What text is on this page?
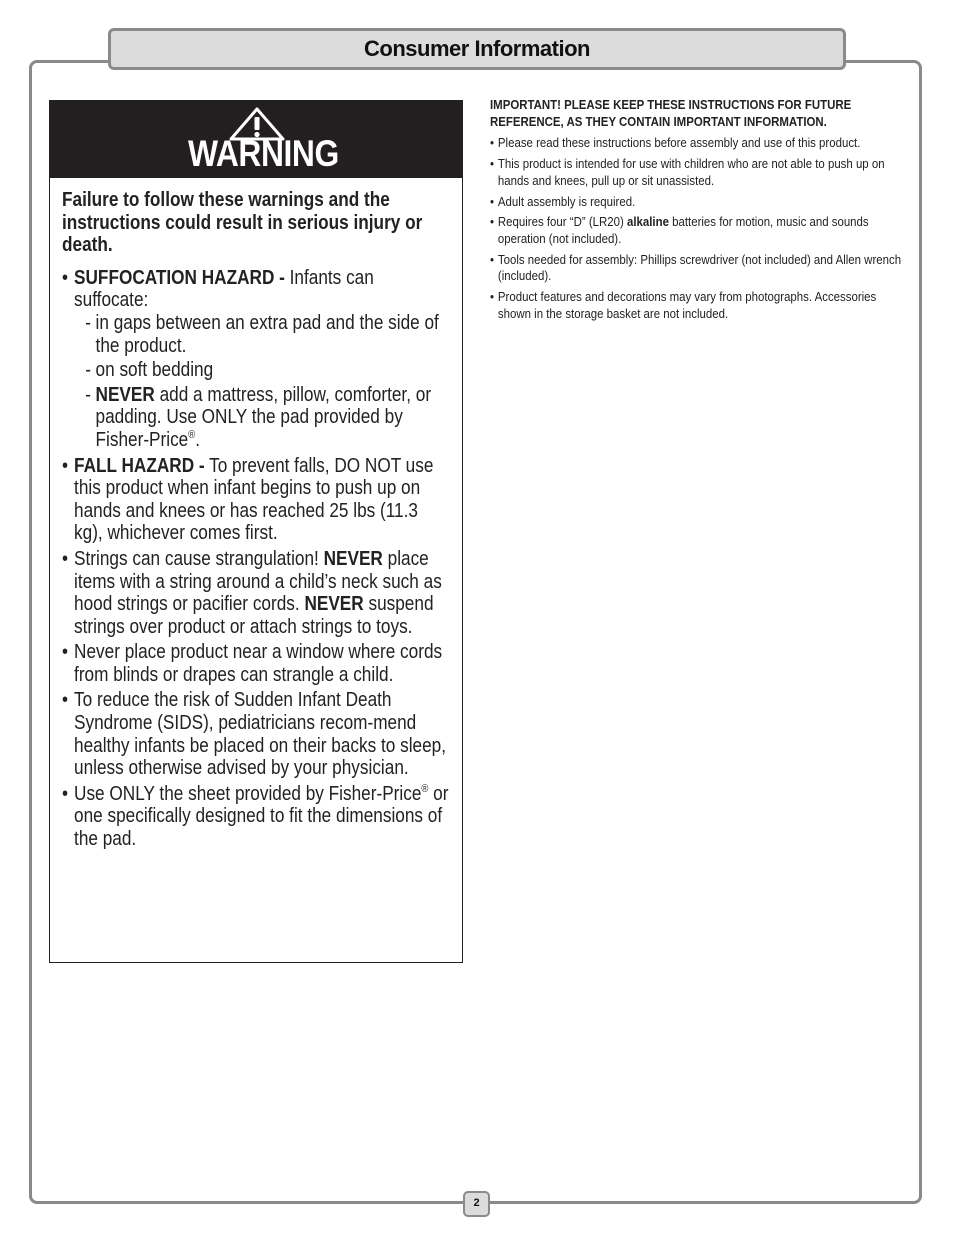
Consumer Information
WARNING
Failure to follow these warnings and the instructions could result in serious injury or death.
• SUFFOCATION HAZARD - Infants can suffocate:
- in gaps between an extra pad and the side of the product.
- on soft bedding
- NEVER add a mattress, pillow, comforter, or padding. Use ONLY the pad provided by Fisher-Price®.
• FALL HAZARD - To prevent falls, DO NOT use this product when infant begins to push up on hands and knees or has reached 25 lbs (11.3 kg), whichever comes first.
• Strings can cause strangulation! NEVER place items with a string around a child’s neck such as hood strings or pacifier cords. NEVER suspend strings over product or attach strings to toys.
• Never place product near a window where cords from blinds or drapes can strangle a child.
• To reduce the risk of Sudden Infant Death Syndrome (SIDS), pediatricians recom-mend healthy infants be placed on their backs to sleep, unless otherwise advised by your physician.
• Use ONLY the sheet provided by Fisher-Price® or one specifically designed to fit the dimensions of the pad.
IMPORTANT! PLEASE KEEP THESE INSTRUCTIONS FOR FUTURE REFERENCE, AS THEY CONTAIN IMPORTANT INFORMATION.
• Please read these instructions before assembly and use of this product.
• This product is intended for use with children who are not able to push up on hands and knees, pull up or sit unassisted.
• Adult assembly is required.
• Requires four “D” (LR20) alkaline batteries for motion, music and sounds operation (not included).
• Tools needed for assembly: Phillips screwdriver (not included) and Allen wrench (included).
• Product features and decorations may vary from photographs. Accessories shown in the storage basket are not included.
2
